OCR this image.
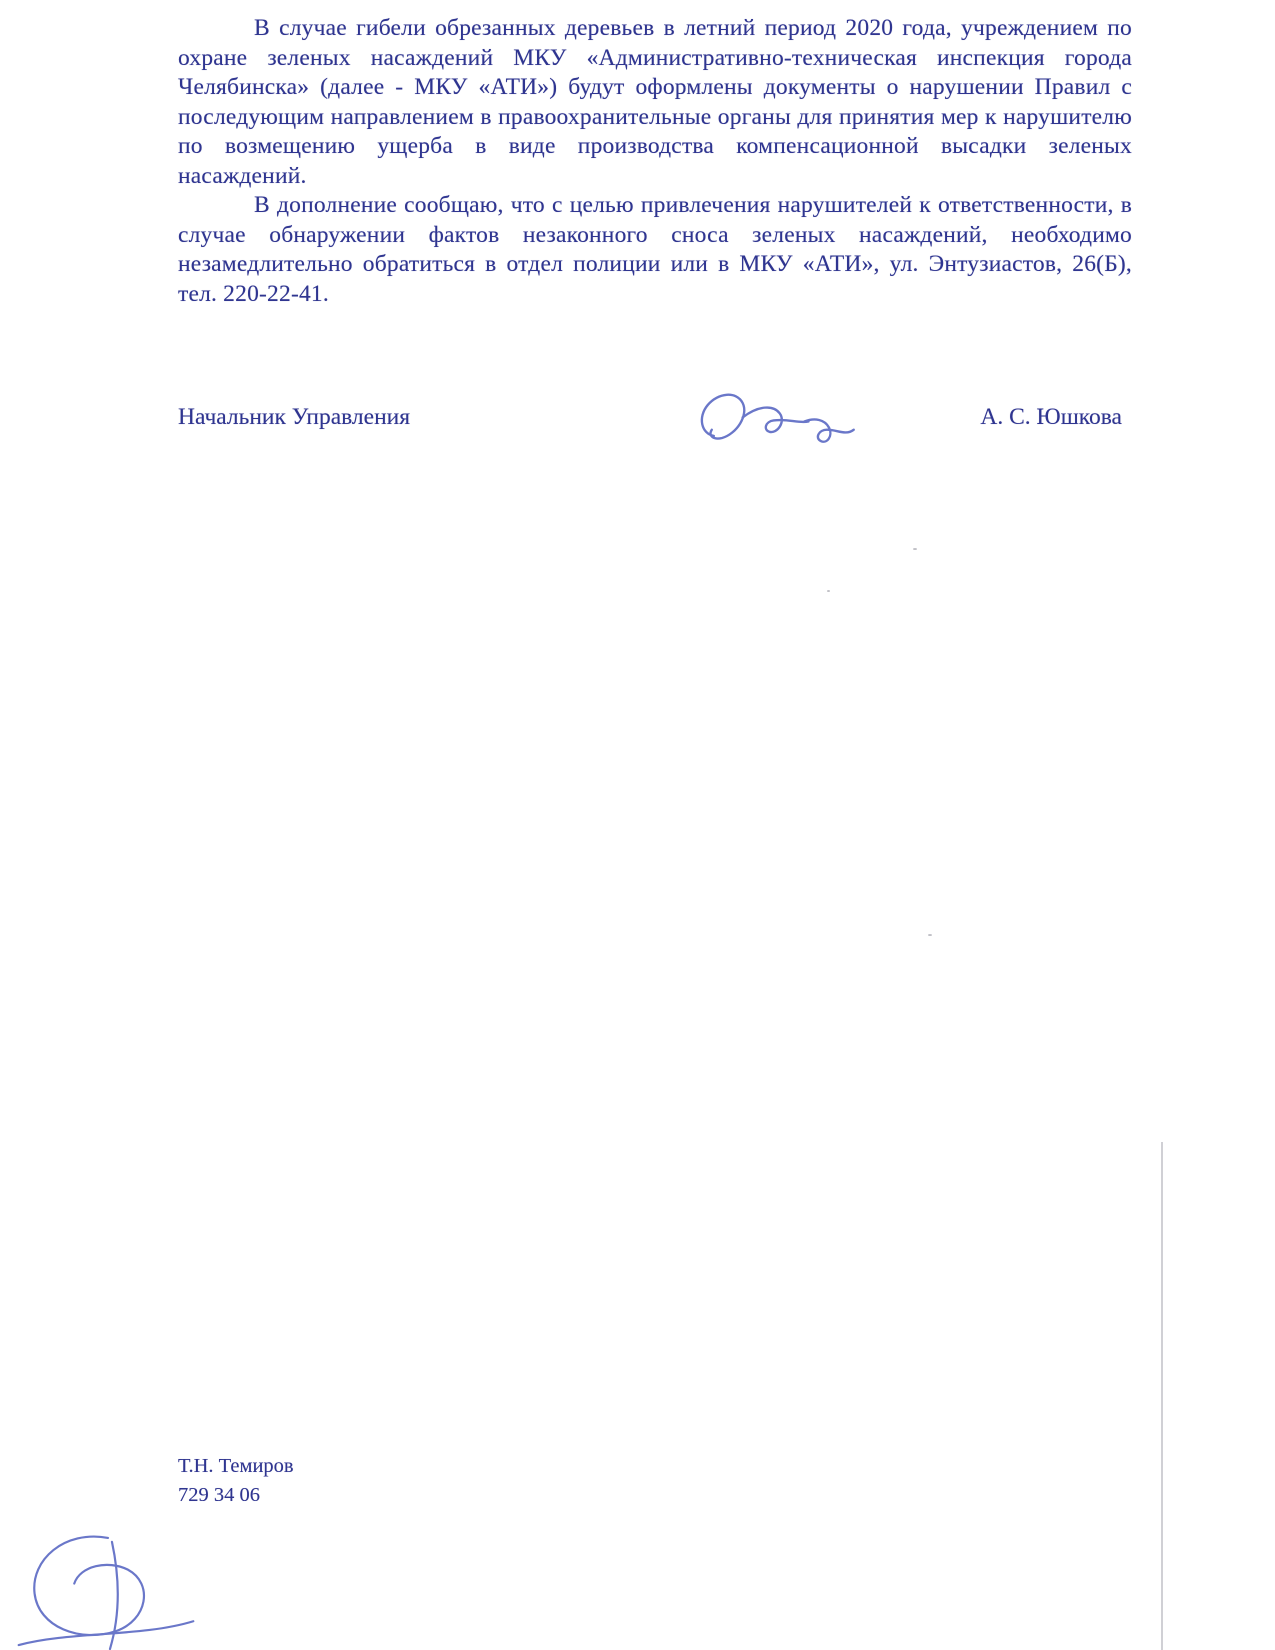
В случае гибели обрезанных деревьев в летний период 2020 года, учреждением по охране зеленых насаждений МКУ «Административно-техническая инспекция города Челябинска» (далее - МКУ «АТИ») будут оформлены документы о нарушении Правил с последующим направлением в правоохранительные органы для принятия мер к нарушителю по возмещению ущерба в виде производства компенсационной высадки зеленых насаждений.

В дополнение сообщаю, что с целью привлечения нарушителей к ответственности, в случае обнаружении фактов незаконного сноса зеленых насаждений, необходимо незамедлительно обратиться в отдел полиции или в МКУ «АТИ», ул. Энтузиастов, 26(Б), тел. 220-22-41.

Начальник Управления	А. С. Юшкова
Т.Н. Темиров
729 34 06
